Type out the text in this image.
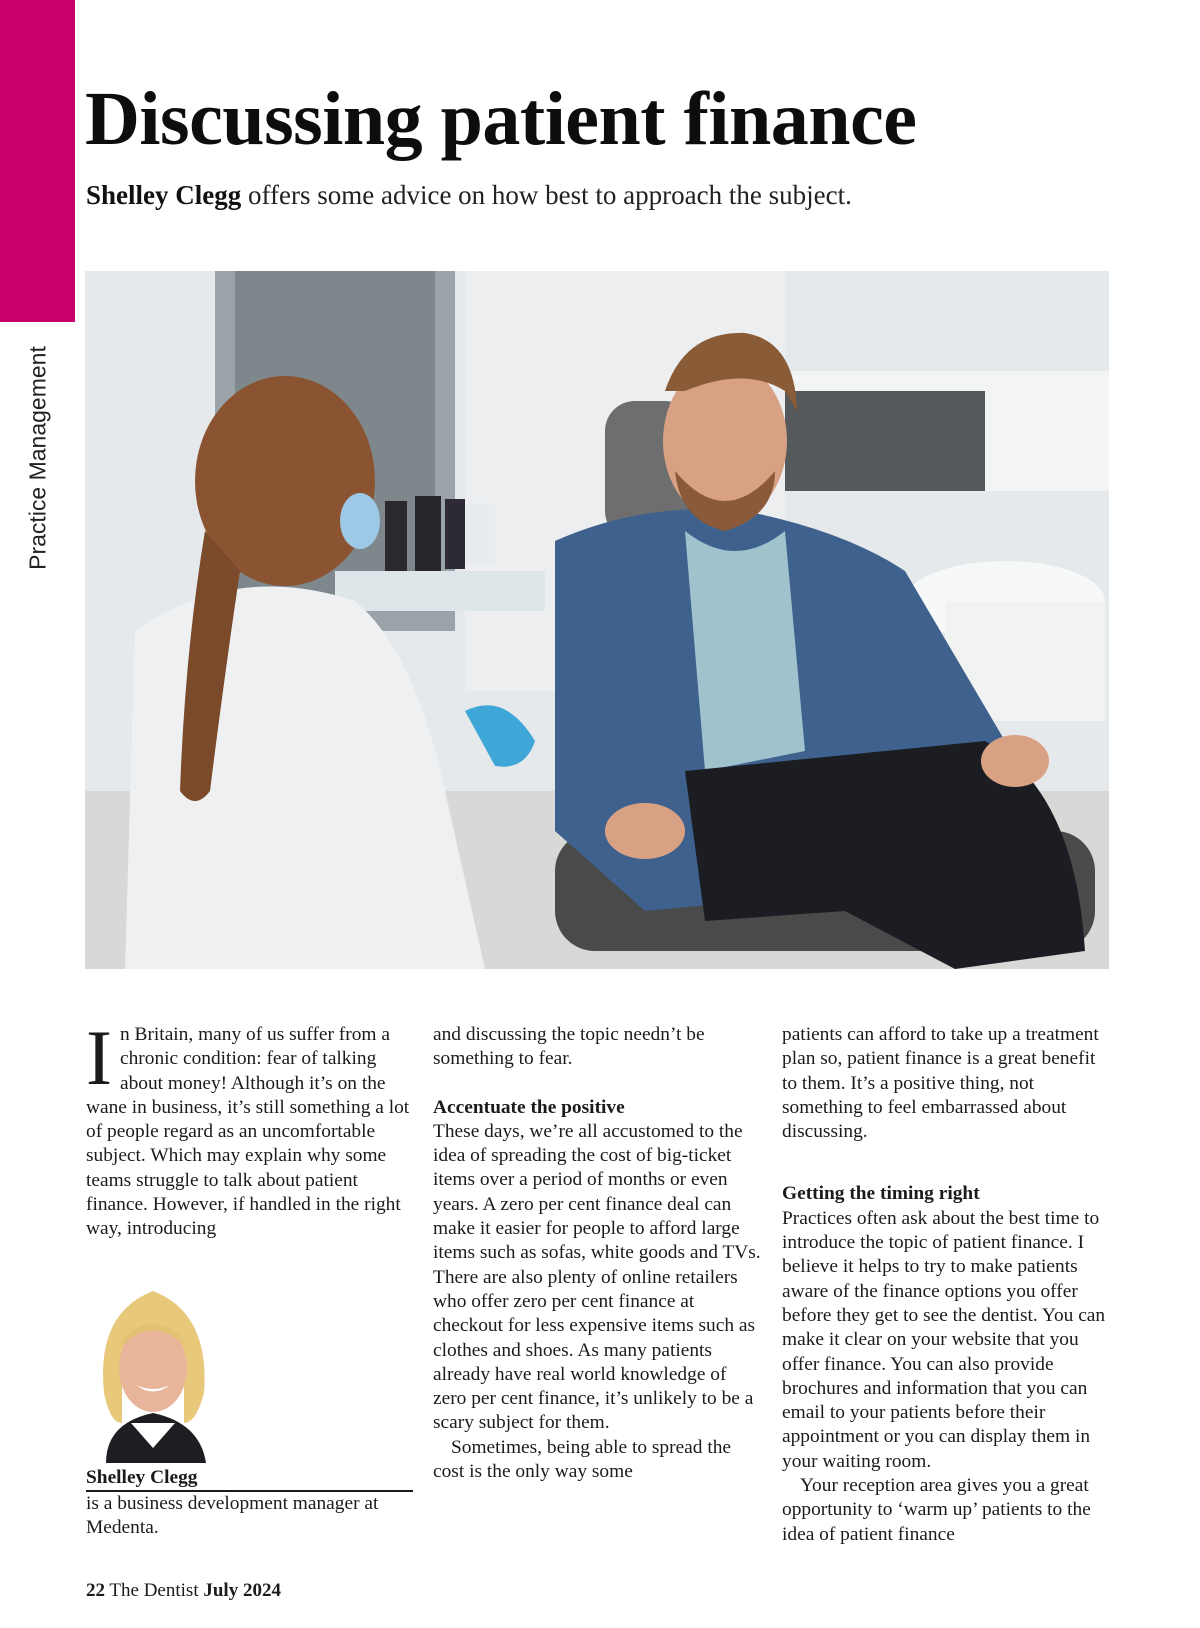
Practice Management
Discussing patient finance
Shelley Clegg offers some advice on how best to approach the subject.

In Britain, many of us suffer from a chronic condition: fear of talking about money! Although it’s on the wane in business, it’s still something a lot of people regard as an uncomfortable subject. Which may explain why some teams struggle to talk about patient finance. However, if handled in the right way, introducing

and discussing the topic needn’t be something to fear.

Accentuate the positive

These days, we’re all accustomed to the idea of spreading the cost of big-ticket items over a period of months or even years. A zero per cent finance deal can make it easier for people to afford large items such as sofas, white goods and TVs. There are also plenty of online retailers who offer zero per cent finance at checkout for less expensive items such as clothes and shoes. As many patients already have real world knowledge of zero per cent finance, it’s unlikely to be a scary subject for them.

Sometimes, being able to spread the cost is the only way some

patients can afford to take up a treatment plan so, patient finance is a great benefit to them. It’s a positive thing, not something to feel embarrassed about discussing.

Getting the timing right

Practices often ask about the best time to introduce the topic of patient finance. I believe it helps to try to make patients aware of the finance options you offer before they get to see the dentist. You can make it clear on your website that you offer finance. You can also provide brochures and information that you can email to your patients before their appointment or you can display them in your waiting room.

Your reception area gives you a great opportunity to ‘warm up’ patients to the idea of patient finance

Shelley Clegg
is a business development manager at Medenta.
22 The Dentist July 2024
